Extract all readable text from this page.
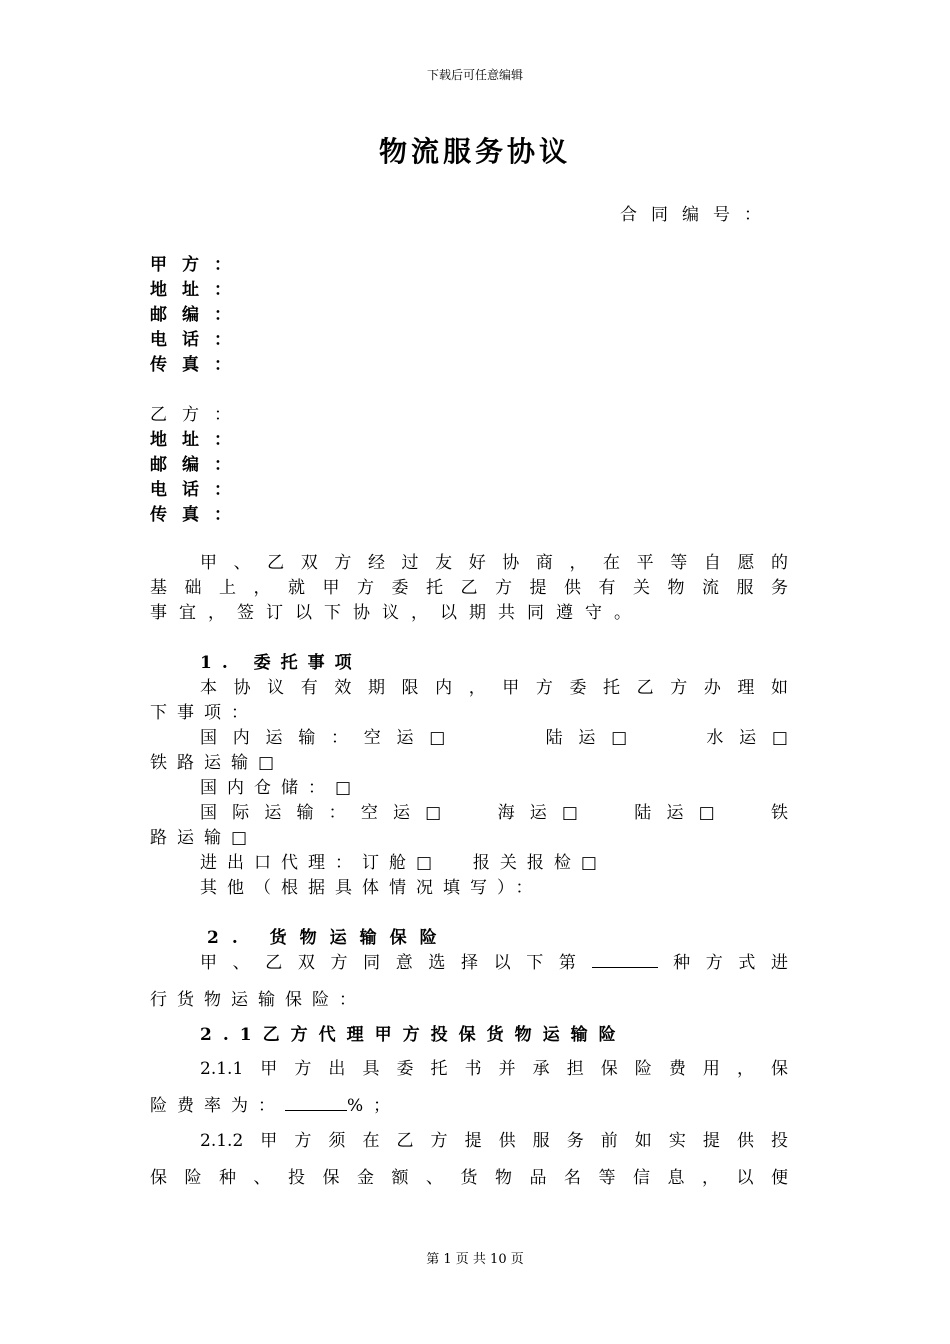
下载后可任意编辑
物流服务协议
合同编号：
甲方：
地址：
邮编：
电话：
传真：
乙方：
地址：
邮编：
电话：
传真：
甲、乙双方经过友好协商，在平等自愿的
基础上，就甲方委托乙方提供有关物流服务
事宜，签订以下协议，以期共同遵守。
1. 委托事项
本协议有效期限内，甲方委托乙方办理如
下事项：
国内运输：空运□    陆运□   水运□
铁路运输□
国内仓储：□
国际运输：空运□  海运□  陆运□  铁
路运输□
进出口代理：订舱□  报关报检□
其他（根据具体情况填写）：
2. 货物运输保险
甲、乙双方同意选择以下第	种方式进
行货物运输保险：
2.1乙方代理甲方投保货物运输险
2.1.1甲方出具委托书并承担保险费用，保
险费率为：	%；
2.1.2甲方须在乙方提供服务前如实提供投
保险种、投保金额、货物品名等信息，以便
第 1 页 共 10 页
